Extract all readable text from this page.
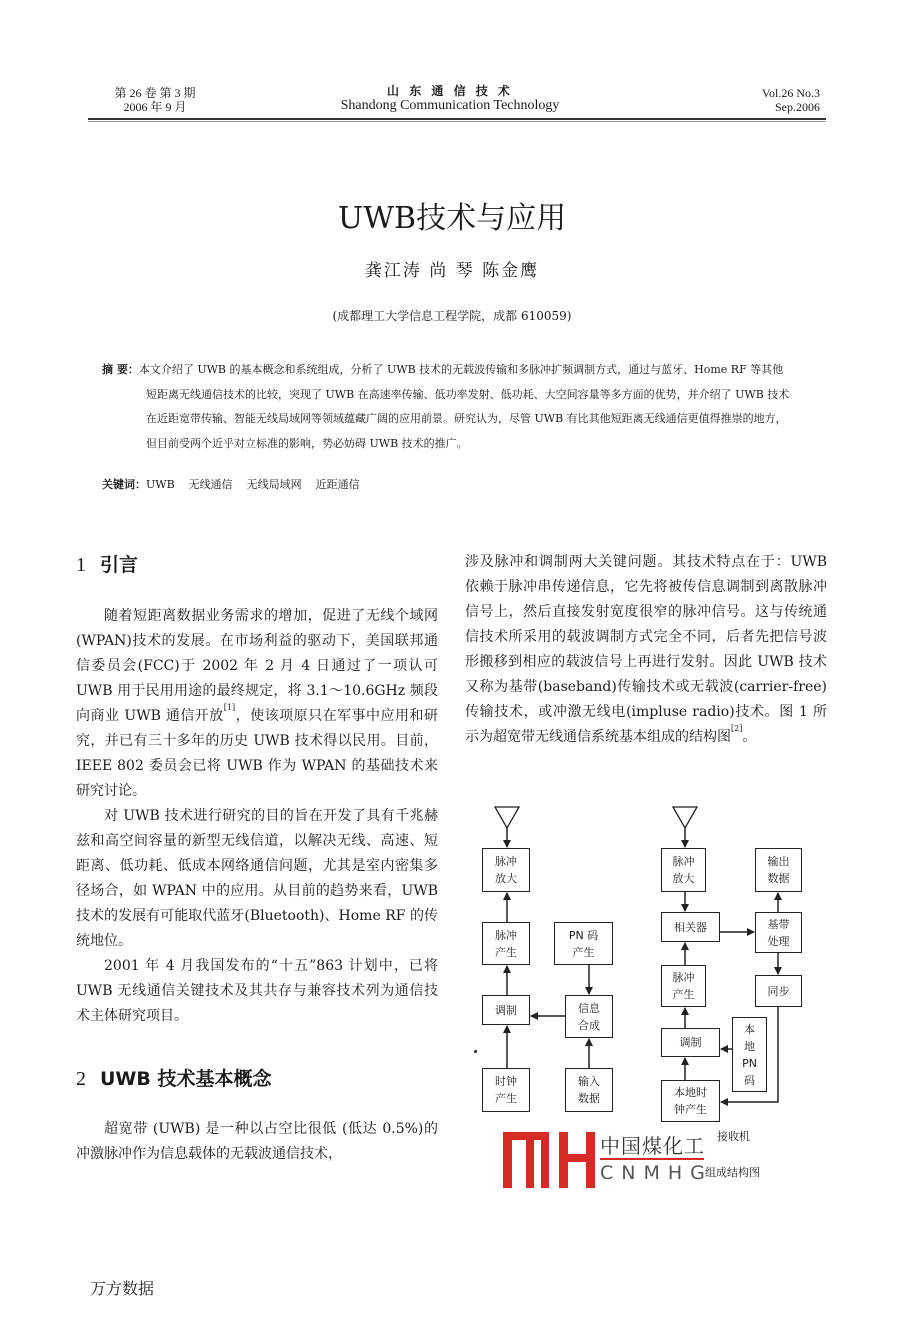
第 26 卷 第 3 期
2006 年 9 月
山 东 通 信 技 术
Shandong Communication Technology
Vol.26 No.3
Sep.2006
UWB技术与应用
龚江涛 尚 琴 陈金鹰
(成都理工大学信息工程学院，成都 610059)
摘 要：本文介绍了 UWB 的基本概念和系统组成，分析了 UWB 技术的无载波传输和多脉冲扩频调制方式，通过与蓝牙、Home RF 等其他短距离无线通信技术的比较，突现了 UWB 在高速率传输、低功率发射、低功耗、大空间容量等多方面的优势，并介绍了 UWB 技术在近距宽带传输、智能无线局域网等领域蕴藏广阔的应用前景。研究认为，尽管 UWB 有比其他短距离无线通信更值得推崇的地方，但目前受两个近乎对立标准的影响，势必妨碍 UWB 技术的推广。
关键词：UWB 无线通信 无线局域网 近距通信
1 引言

随着短距离数据业务需求的增加，促进了无线个域网(WPAN)技术的发展。在市场利益的驱动下，美国联邦通信委员会(FCC)于 2002 年 2 月 4 日通过了一项认可 UWB 用于民用用途的最终规定，将 3.1～10.6GHz 频段向商业 UWB 通信开放[1]，使该项原只在军事中应用和研究，并已有三十多年的历史 UWB 技术得以民用。目前，IEEE 802 委员会已将 UWB 作为 WPAN 的基础技术来研究讨论。

对 UWB 技术进行研究的目的旨在开发了具有千兆赫兹和高空间容量的新型无线信道，以解决无线、高速、短距离、低功耗、低成本网络通信问题，尤其是室内密集多径场合，如 WPAN 中的应用。从目前的趋势来看，UWB 技术的发展有可能取代蓝牙(Bluetooth)、Home RF 的传统地位。

2001 年 4 月我国发布的“十五”863 计划中，已将 UWB 无线通信关键技术及其共存与兼容技术列为通信技术主体研究项目。

2 UWB 技术基本概念

超宽带 (UWB) 是一种以占空比很低 (低达 0.5%)的冲激脉冲作为信息载体的无载波通信技术，

涉及脉冲和调制两大关键问题。其技术特点在于：UWB 依赖于脉冲串传递信息，它先将被传信息调制到离散脉冲信号上，然后直接发射宽度很窄的脉冲信号。这与传统通信技术所采用的载波调制方式完全不同，后者先把信号波形搬移到相应的载波信号上再进行发射。因此 UWB 技术又称为基带(baseband)传输技术或无载波(carrier-free)传输技术，或冲激无线电(impluse radio)技术。图 1 所示为超宽带无线通信系统基本组成的结构图[2]。

脉冲
放大
脉冲
产生
调制
时钟
产生
PN 码
产生
信息
合成
输入
数据
脉冲
放大
相关器
脉冲
产生
调制
本地时
钟产生
输出
数据
基带
处理
同步
本
地
PN
码
中国煤化工
CNMHG
接收机
组成结构图
万方数据
